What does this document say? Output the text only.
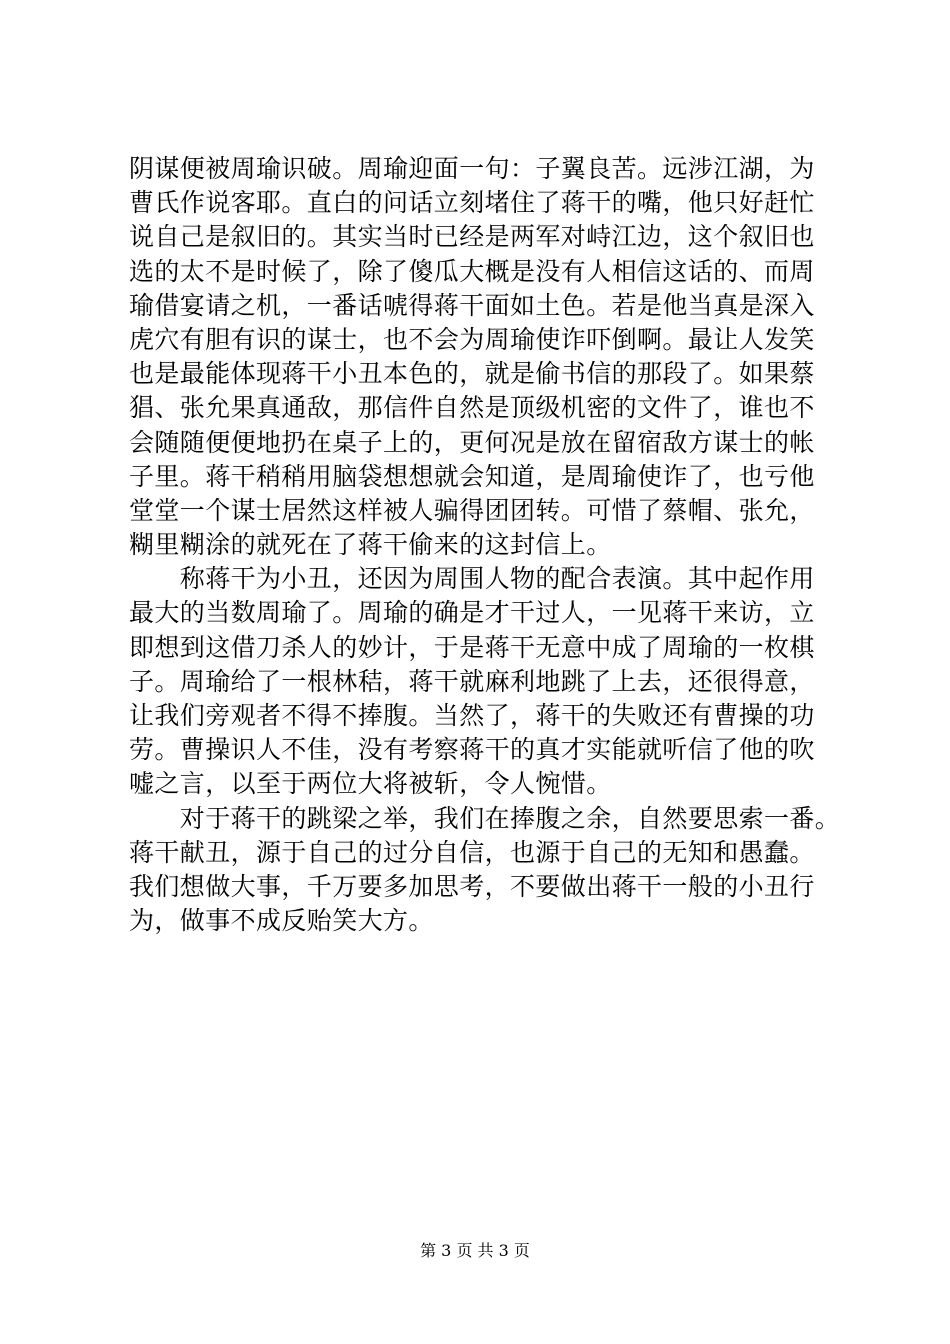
阴谋便被周瑜识破。周瑜迎面一句：子翼良苦。远涉江湖，为
曹氏作说客耶。直白的问话立刻堵住了蒋干的嘴，他只好赶忙
说自己是叙旧的。其实当时已经是两军对峙江边，这个叙旧也
选的太不是时候了，除了傻瓜大概是没有人相信这话的、而周
瑜借宴请之机，一番话唬得蒋干面如土色。若是他当真是深入
虎穴有胆有识的谋士，也不会为周瑜使诈吓倒啊。最让人发笑
也是最能体现蒋干小丑本色的，就是偷书信的那段了。如果蔡
猖、张允果真通敌，那信件自然是顶级机密的文件了，谁也不
会随随便便地扔在桌子上的，更何况是放在留宿敌方谋士的帐
子里。蒋干稍稍用脑袋想想就会知道，是周瑜使诈了，也亏他
堂堂一个谋士居然这样被人骗得团团转。可惜了蔡帽、张允，
糊里糊涂的就死在了蒋干偷来的这封信上。
　　称蒋干为小丑，还因为周围人物的配合表演。其中起作用
最大的当数周瑜了。周瑜的确是才干过人，一见蒋干来访，立
即想到这借刀杀人的妙计，于是蒋干无意中成了周瑜的一枚棋
子。周瑜给了一根林秸，蒋干就麻利地跳了上去，还很得意，
让我们旁观者不得不捧腹。当然了，蒋干的失败还有曹操的功
劳。曹操识人不佳，没有考察蒋干的真才实能就听信了他的吹
嘘之言，以至于两位大将被斩，令人惋惜。
　　对于蒋干的跳梁之举，我们在捧腹之余，自然要思索一番。
蒋干献丑，源于自己的过分自信，也源于自己的无知和愚蠢。
我们想做大事，千万要多加思考，不要做出蒋干一般的小丑行
为，做事不成反贻笑大方。
第 3 页 共 3 页
